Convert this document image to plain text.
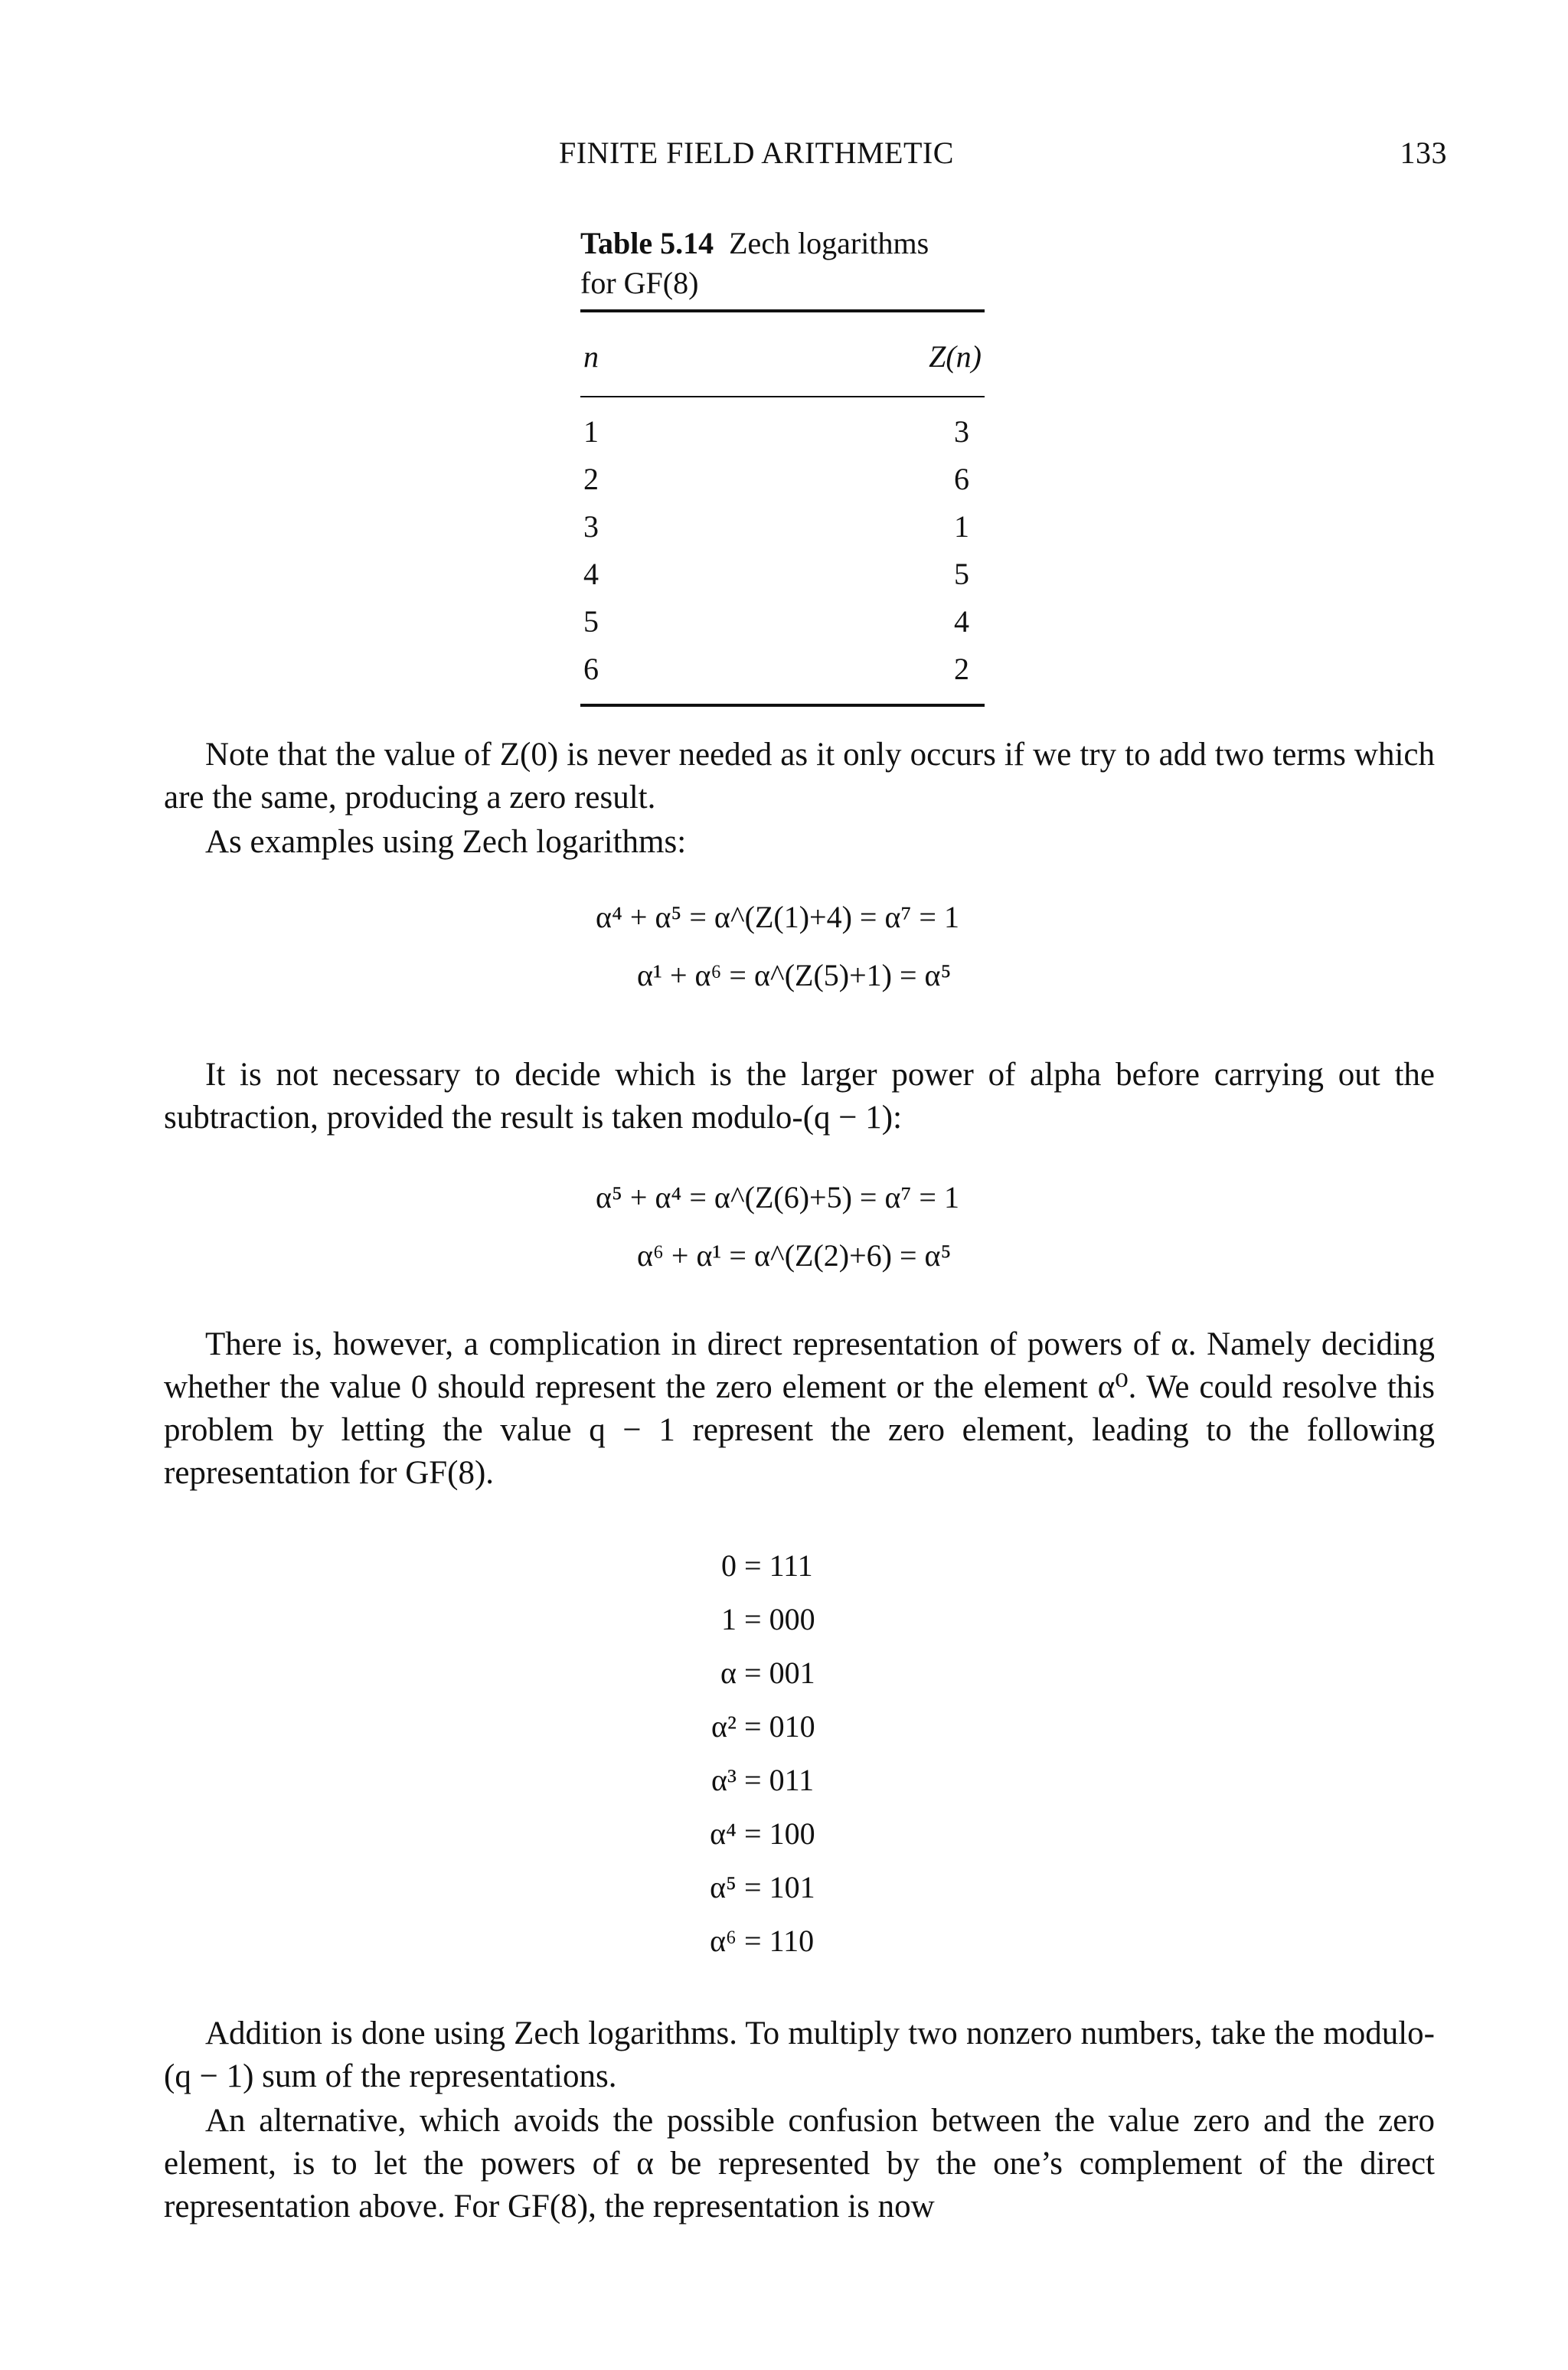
FINITE FIELD ARITHMETIC	133
Table 5.14 Zech logarithms
for GF(8)
n	Z(n)
1	3
2	6
3	1
4	5
5	4
6	2
Note that the value of Z(0) is never needed as it only occurs if we try to add two terms which are the same, producing a zero result.
As examples using Zech logarithms:
α⁴ + α⁵ = α^(Z(1)+4) = α⁷ = 1
α¹ + α⁶ = α^(Z(5)+1) = α⁵
It is not necessary to decide which is the larger power of alpha before carrying out the subtraction, provided the result is taken modulo-(q − 1):
α⁵ + α⁴ = α^(Z(6)+5) = α⁷ = 1
α⁶ + α¹ = α^(Z(2)+6) = α⁵
There is, however, a complication in direct representation of powers of α. Namely deciding whether the value 0 should represent the zero element or the element α⁰. We could resolve this problem by letting the value q − 1 represent the zero element, leading to the following representation for GF(8).
0 = 111
1 = 000
α = 001
α² = 010
α³ = 011
α⁴ = 100
α⁵ = 101
α⁶ = 110
Addition is done using Zech logarithms. To multiply two nonzero numbers, take the modulo-(q − 1) sum of the representations.
An alternative, which avoids the possible confusion between the value zero and the zero element, is to let the powers of α be represented by the one’s complement of the direct representation above. For GF(8), the representation is now
